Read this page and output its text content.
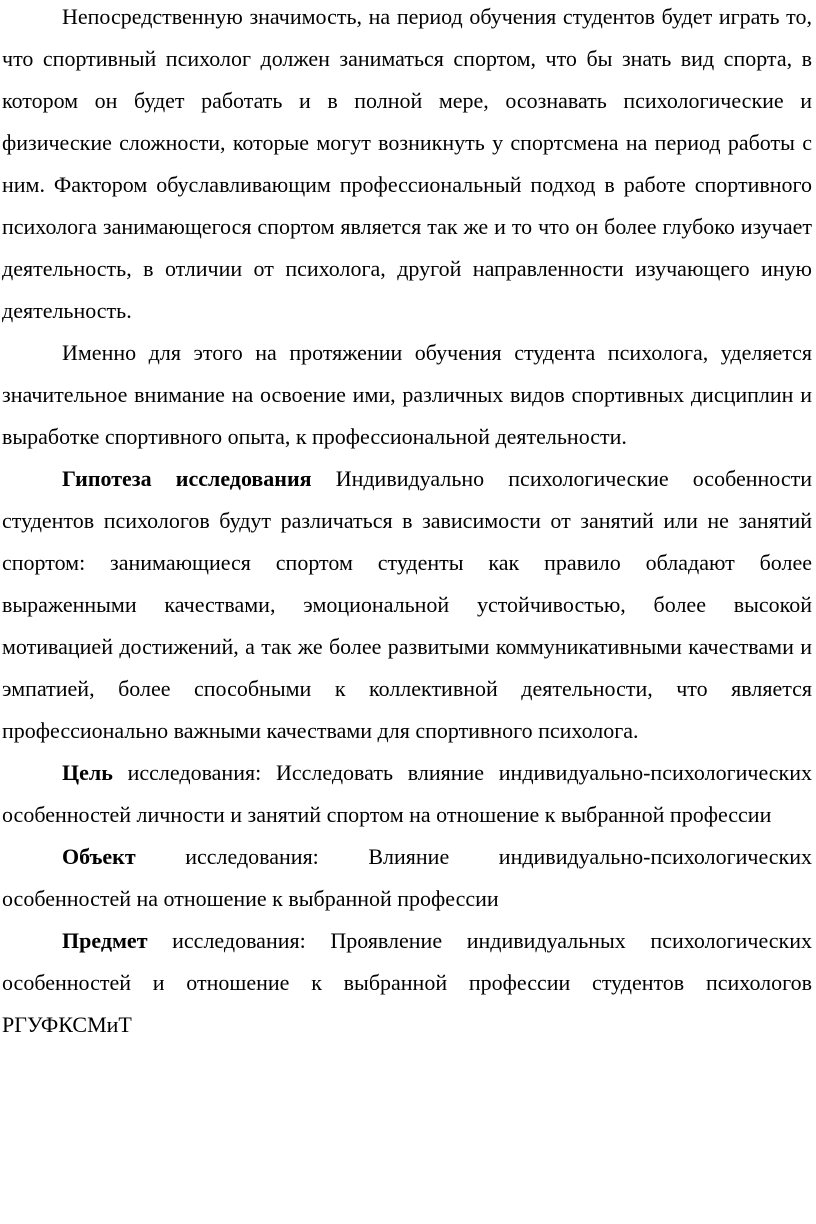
Непосредственную значимость, на период обучения студентов будет играть то, что спортивный психолог должен заниматься спортом, что бы знать вид спорта, в котором он будет работать и в полной мере, осознавать психологические и физические сложности, которые могут возникнуть у спортсмена на период работы с ним. Фактором обуславливающим профессиональный подход в работе спортивного психолога занимающегося спортом является так же и то что он более глубоко изучает деятельность, в отличии от психолога, другой направленности изучающего иную деятельность.

Именно для этого на протяжении обучения студента психолога, уделяется значительное внимание на освоение ими, различных видов спортивных дисциплин и выработке спортивного опыта, к профессиональной деятельности.

Гипотеза исследования Индивидуально психологические особенности студентов психологов будут различаться в зависимости от занятий или не занятий спортом: занимающиеся спортом студенты как правило обладают более выраженными качествами, эмоциональной устойчивостью, более высокой мотивацией достижений, а так же более развитыми коммуникативными качествами и эмпатией, более способными к коллективной деятельности, что является профессионально важными качествами для спортивного психолога.

Цель исследования: Исследовать влияние индивидуально-психологических особенностей личности и занятий спортом на отношение к выбранной профессии

Объект исследования: Влияние индивидуально-психологических особенностей на отношение к выбранной профессии

Предмет исследования: Проявление индивидуальных психологических особенностей и отношение к выбранной профессии студентов психологов РГУФКСМиТ
